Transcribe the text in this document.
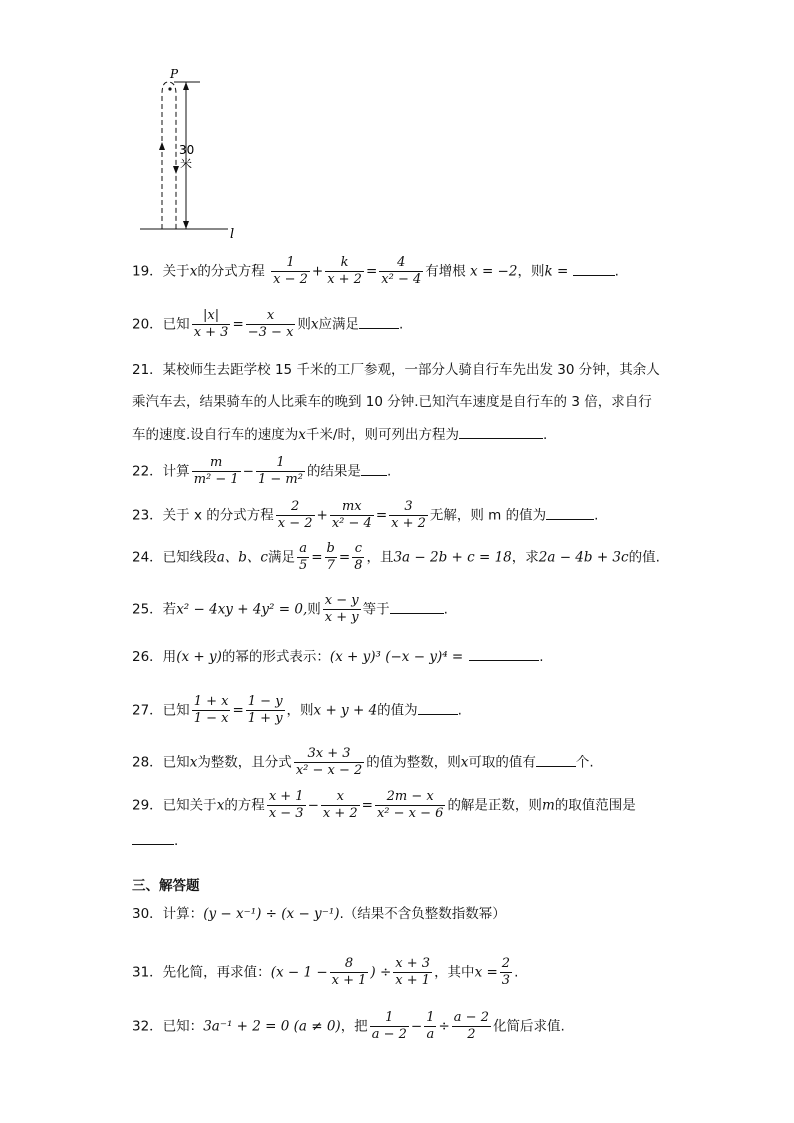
l
P
30
米
19．关于x的分式方程 $\frac{1}{x - 2} + \frac{k}{x + 2} = \frac{4}{\text{x² − 4}}$ 有增根 x = −2，则k =	.
20．已知 $\frac{|x|}{x + 3} = \frac{x}{-3 - x}$ 则x应满足	.
21．某校师生去距学校 15 千米的工厂参观，一部分人骑自行车先出发 30 分钟，其余人
乘汽车去，结果骑车的人比乘车的晚到 10 分钟.已知汽车速度是自行车的 3 倍，求自行
车的速度.设自行车的速度为x千米/时，则可列出方程为	.
22．计算 $\frac{m}{\text{m² − 1}} - \frac{1}{\text{1 − m²}}$ 的结果是 .
23．关于 x 的分式方程 $\frac{2}{x - 2} + \frac{mx}{\text{x² − 4}} = \frac{3}{x + 2}$ 无解，则 m 的值为	.
24．已知线段a、b、c满足 $\frac{a}{5} = \frac{b}{7} = \frac{c}{8}$ ，且3a − 2b + c = 18，求2a − 4b + 3c的值.
25．若x² − 4xy + 4y² = 0,则 $\frac{x - y}{x + y}$ 等于	.
26．用(x + y)的幂的形式表示：(x + y)³ (−x − y)⁴ =	.
27．已知 $\frac{1 + x}{1 - x} = \frac{1 - y}{1 + y}$ ，则x + y + 4的值为	.
28．已知x为整数，且分式 $\frac{3x + 3}{\text{x² − x − 2}}$ 的值为整数，则x可取的值有	个.
29．已知关于x的方程 $\frac{x + 1}{x - 3} - \frac{x}{x + 2} = \frac{2m - x}{\text{x² − x − 6}}$ 的解是正数，则m的取值范围是
.
三、解答题
30．计算：(y − x⁻¹) ÷ (x − y⁻¹).（结果不含负整数指数幂）
31．先化简，再求值：($x - 1 - \frac{8}{x + 1}$ ) ÷ $\frac{x + 3}{x + 1}$ ，其中$x = \frac{2}{3}$ .
32．已知：3a⁻¹ + 2 = 0 (a ≠ 0)，把 $\frac{1}{a - 2} - \frac{1}{a} \div \frac{a - 2}{2}$ 化简后求值.
